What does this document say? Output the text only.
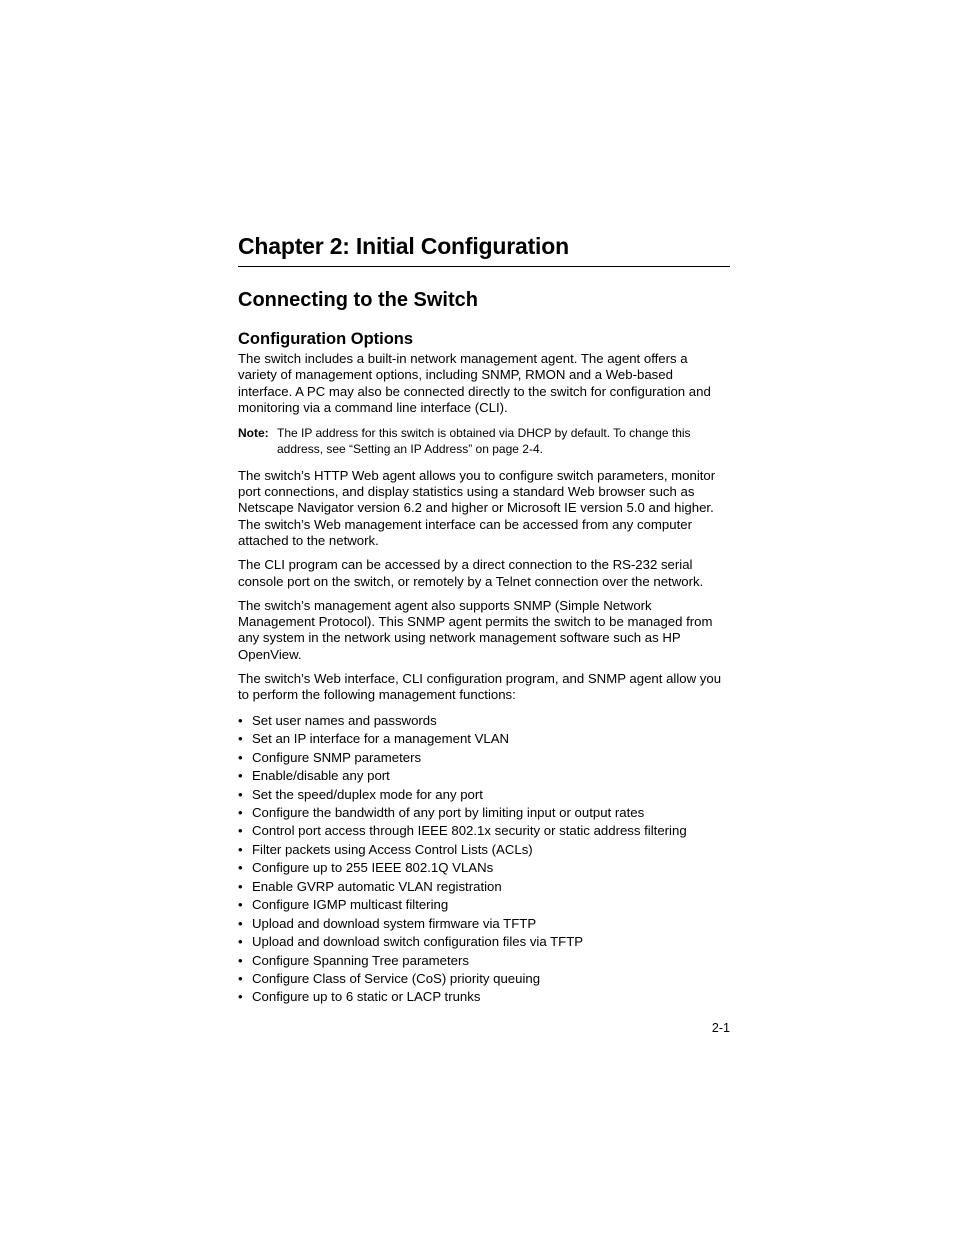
Chapter 2: Initial Configuration
Connecting to the Switch
Configuration Options

The switch includes a built-in network management agent. The agent offers a variety of management options, including SNMP, RMON and a Web-based interface. A PC may also be connected directly to the switch for configuration and monitoring via a command line interface (CLI).

Note: The IP address for this switch is obtained via DHCP by default. To change this address, see “Setting an IP Address” on page 2-4.

The switch’s HTTP Web agent allows you to configure switch parameters, monitor port connections, and display statistics using a standard Web browser such as Netscape Navigator version 6.2 and higher or Microsoft IE version 5.0 and higher. The switch’s Web management interface can be accessed from any computer attached to the network.

The CLI program can be accessed by a direct connection to the RS-232 serial console port on the switch, or remotely by a Telnet connection over the network.

The switch’s management agent also supports SNMP (Simple Network Management Protocol). This SNMP agent permits the switch to be managed from any system in the network using network management software such as HP OpenView.

The switch’s Web interface, CLI configuration program, and SNMP agent allow you to perform the following management functions:

• Set user names and passwords
• Set an IP interface for a management VLAN
• Configure SNMP parameters
• Enable/disable any port
• Set the speed/duplex mode for any port
• Configure the bandwidth of any port by limiting input or output rates
• Control port access through IEEE 802.1x security or static address filtering
• Filter packets using Access Control Lists (ACLs)
• Configure up to 255 IEEE 802.1Q VLANs
• Enable GVRP automatic VLAN registration
• Configure IGMP multicast filtering
• Upload and download system firmware via TFTP
• Upload and download switch configuration files via TFTP
• Configure Spanning Tree parameters
• Configure Class of Service (CoS) priority queuing
• Configure up to 6 static or LACP trunks
2-1
